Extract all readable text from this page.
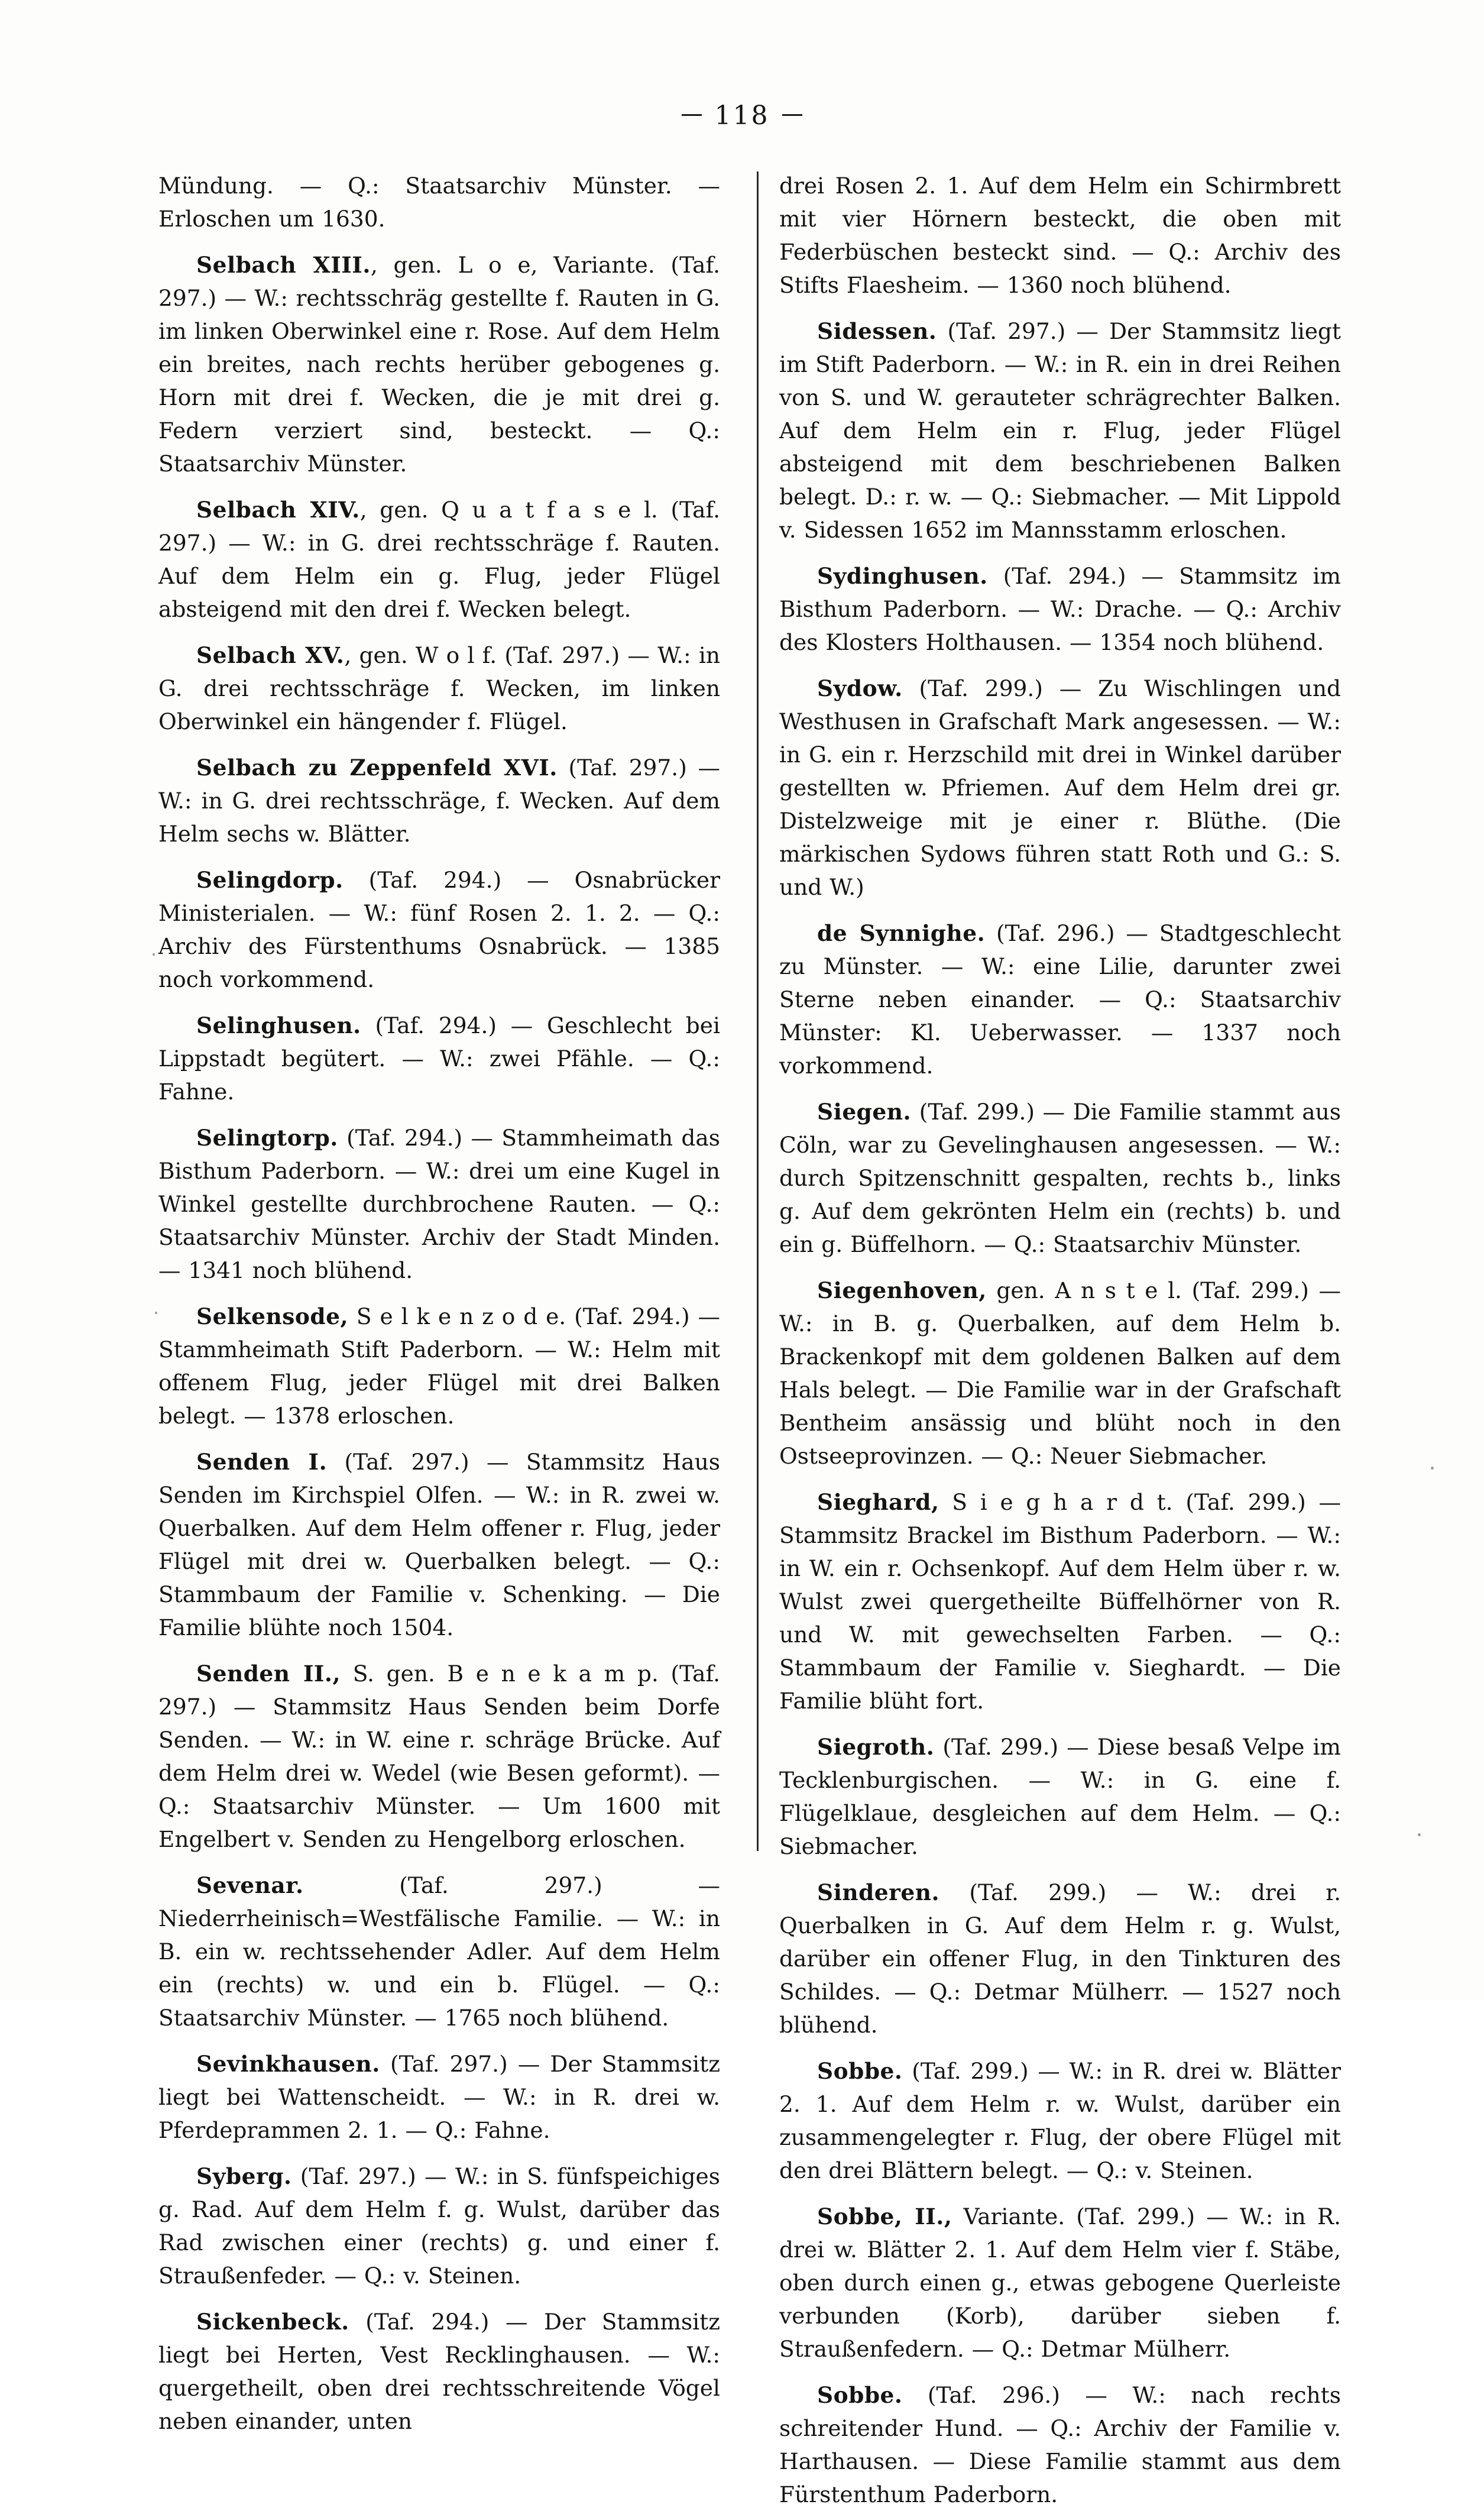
118

Mündung. — Q.: Staatsarchiv Münster. — Erloschen um 1630.

Selbach XIII., gen. L o e, Variante. (Taf. 297.) — W.: rechtsschräg gestellte f. Rauten in G. im linken Oberwinkel eine r. Rose. Auf dem Helm ein breites, nach rechts herüber gebogenes g. Horn mit drei f. Wecken, die je mit drei g. Federn verziert sind, besteckt. — Q.: Staatsarchiv Münster.

Selbach XIV., gen. Q u a t f a s e l. (Taf. 297.) — W.: in G. drei rechtsschräge f. Rauten. Auf dem Helm ein g. Flug, jeder Flügel absteigend mit den drei f. Wecken belegt.

Selbach XV., gen. W o l f. (Taf. 297.) — W.: in G. drei rechtsschräge f. Wecken, im linken Oberwinkel ein hängender f. Flügel.

Selbach zu Zeppenfeld XVI. (Taf. 297.) — W.: in G. drei rechtsschräge, f. Wecken. Auf dem Helm sechs w. Blätter.

Selingdorp. (Taf. 294.) — Osnabrücker Ministerialen. — W.: fünf Rosen 2. 1. 2. — Q.: Archiv des Fürstenthums Osnabrück. — 1385 noch vorkommend.

Selinghusen. (Taf. 294.) — Geschlecht bei Lippstadt begütert. — W.: zwei Pfähle. — Q.: Fahne.

Selingtorp. (Taf. 294.) — Stammheimath das Bisthum Paderborn. — W.: drei um eine Kugel in Winkel gestellte durchbrochene Rauten. — Q.: Staatsarchiv Münster. Archiv der Stadt Minden. — 1341 noch blühend.

Selkensode, S e l k e n z o d e. (Taf. 294.) — Stammheimath Stift Paderborn. — W.: Helm mit offenem Flug, jeder Flügel mit drei Balken belegt. — 1378 erloschen.

Senden I. (Taf. 297.) — Stammsitz Haus Senden im Kirchspiel Olfen. — W.: in R. zwei w. Querbalken. Auf dem Helm offener r. Flug, jeder Flügel mit drei w. Querbalken belegt. — Q.: Stammbaum der Familie v. Schenking. — Die Familie blühte noch 1504.

Senden II., S. gen. B e n e k a m p. (Taf. 297.) — Stammsitz Haus Senden beim Dorfe Senden. — W.: in W. eine r. schräge Brücke. Auf dem Helm drei w. Wedel (wie Besen geformt). — Q.: Staatsarchiv Münster. — Um 1600 mit Engelbert v. Senden zu Hengelborg erloschen.

Sevenar. (Taf. 297.) — Niederrheinisch=Westfälische Familie. — W.: in B. ein w. rechtssehender Adler. Auf dem Helm ein (rechts) w. und ein b. Flügel. — Q.: Staatsarchiv Münster. — 1765 noch blühend.

Sevinkhausen. (Taf. 297.) — Der Stammsitz liegt bei Wattenscheidt. — W.: in R. drei w. Pferdeprammen 2. 1. — Q.: Fahne.

Syberg. (Taf. 297.) — W.: in S. fünfspeichiges g. Rad. Auf dem Helm f. g. Wulst, darüber das Rad zwischen einer (rechts) g. und einer f. Straußenfeder. — Q.: v. Steinen.

Sickenbeck. (Taf. 294.) — Der Stammsitz liegt bei Herten, Vest Recklinghausen. — W.: quergetheilt, oben drei rechtsschreitende Vögel neben einander, unten

drei Rosen 2. 1. Auf dem Helm ein Schirmbrett mit vier Hörnern besteckt, die oben mit Federbüschen besteckt sind. — Q.: Archiv des Stifts Flaesheim. — 1360 noch blühend.

Sidessen. (Taf. 297.) — Der Stammsitz liegt im Stift Paderborn. — W.: in R. ein in drei Reihen von S. und W. gerauteter schrägrechter Balken. Auf dem Helm ein r. Flug, jeder Flügel absteigend mit dem beschriebenen Balken belegt. D.: r. w. — Q.: Siebmacher. — Mit Lippold v. Sidessen 1652 im Mannsstamm erloschen.

Sydinghusen. (Taf. 294.) — Stammsitz im Bisthum Paderborn. — W.: Drache. — Q.: Archiv des Klosters Holthausen. — 1354 noch blühend.

Sydow. (Taf. 299.) — Zu Wischlingen und Westhusen in Grafschaft Mark angesessen. — W.: in G. ein r. Herzschild mit drei in Winkel darüber gestellten w. Pfriemen. Auf dem Helm drei gr. Distelzweige mit je einer r. Blüthe. (Die märkischen Sydows führen statt Roth und G.: S. und W.)

de Synnighe. (Taf. 296.) — Stadtgeschlecht zu Münster. — W.: eine Lilie, darunter zwei Sterne neben einander. — Q.: Staatsarchiv Münster: Kl. Ueberwasser. — 1337 noch vorkommend.

Siegen. (Taf. 299.) — Die Familie stammt aus Cöln, war zu Gevelinghausen angesessen. — W.: durch Spitzenschnitt gespalten, rechts b., links g. Auf dem gekrönten Helm ein (rechts) b. und ein g. Büffelhorn. — Q.: Staatsarchiv Münster.

Siegenhoven, gen. A n s t e l. (Taf. 299.) — W.: in B. g. Querbalken, auf dem Helm b. Brackenkopf mit dem goldenen Balken auf dem Hals belegt. — Die Familie war in der Grafschaft Bentheim ansässig und blüht noch in den Ostseeprovinzen. — Q.: Neuer Siebmacher.

Sieghard, S i e g h a r d t. (Taf. 299.) — Stammsitz Brackel im Bisthum Paderborn. — W.: in W. ein r. Ochsenkopf. Auf dem Helm über r. w. Wulst zwei quergetheilte Büffelhörner von R. und W. mit gewechselten Farben. — Q.: Stammbaum der Familie v. Sieghardt. — Die Familie blüht fort.

Siegroth. (Taf. 299.) — Diese besaß Velpe im Tecklenburgischen. — W.: in G. eine f. Flügelklaue, desgleichen auf dem Helm. — Q.: Siebmacher.

Sinderen. (Taf. 299.) — W.: drei r. Querbalken in G. Auf dem Helm r. g. Wulst, darüber ein offener Flug, in den Tinkturen des Schildes. — Q.: Detmar Mülherr. — 1527 noch blühend.

Sobbe. (Taf. 299.) — W.: in R. drei w. Blätter 2. 1. Auf dem Helm r. w. Wulst, darüber ein zusammengelegter r. Flug, der obere Flügel mit den drei Blättern belegt. — Q.: v. Steinen.

Sobbe, II., Variante. (Taf. 299.) — W.: in R. drei w. Blätter 2. 1. Auf dem Helm vier f. Stäbe, oben durch einen g., etwas gebogene Querleiste verbunden (Korb), darüber sieben f. Straußenfedern. — Q.: Detmar Mülherr.

Sobbe. (Taf. 296.) — W.: nach rechts schreitender Hund. — Q.: Archiv der Familie v. Harthausen. — Diese Familie stammt aus dem Fürstenthum Paderborn.
